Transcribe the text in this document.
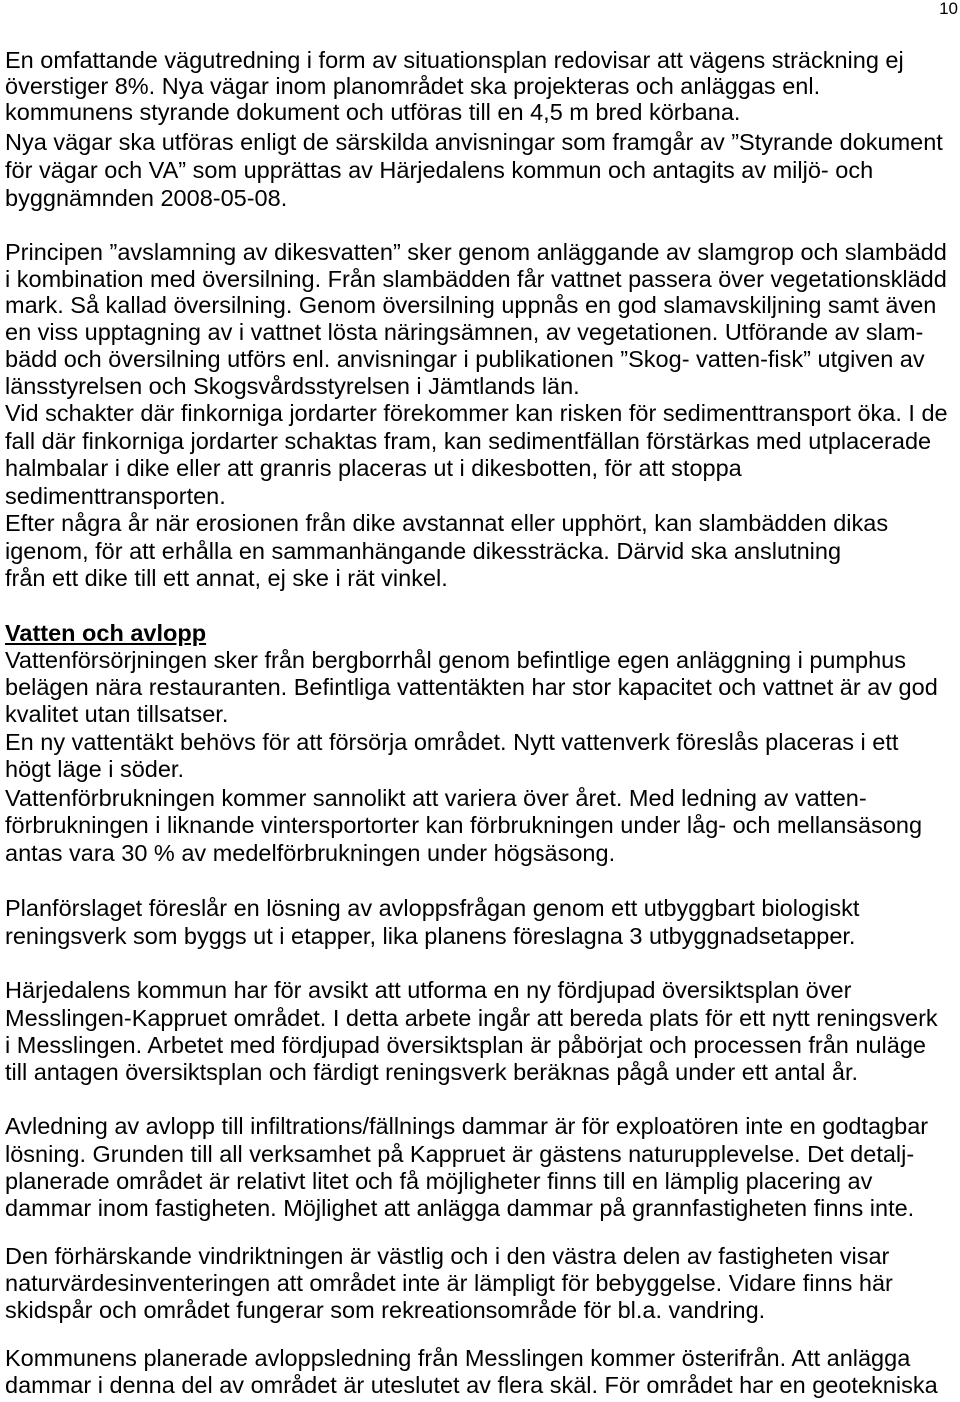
10
En omfattande vägutredning i form av situationsplan redovisar att vägens sträckning ej
överstiger 8%. Nya vägar inom planområdet ska projekteras och anläggas enl.
kommunens styrande dokument och utföras till en 4,5 m bred körbana.
Nya vägar ska utföras enligt de särskilda anvisningar som framgår av ”Styrande dokument
för vägar och VA” som upprättas av Härjedalens kommun och antagits av miljö- och
byggnämnden 2008-05-08.
Principen ”avslamning av dikesvatten” sker genom anläggande av slamgrop och slambädd
i kombination med översilning. Från slambädden får vattnet passera över vegetationsklädd
mark. Så kallad översilning. Genom översilning uppnås en god slamavskiljning samt även
en viss upptagning av i vattnet lösta näringsämnen, av vegetationen. Utförande av slam-
bädd och översilning utförs enl. anvisningar i publikationen ”Skog- vatten-fisk” utgiven av
länsstyrelsen och Skogsvårdsstyrelsen i Jämtlands län.
Vid schakter där finkorniga jordarter förekommer kan risken för sedimenttransport öka. I de
fall där finkorniga jordarter schaktas fram, kan sedimentfällan förstärkas med utplacerade
halmbalar i dike eller att granris placeras ut i dikesbotten, för att stoppa
sedimenttransporten.
Efter några år när erosionen från dike avstannat eller upphört, kan slambädden dikas
igenom, för att erhålla en sammanhängande dikessträcka. Därvid ska anslutning
från ett dike till ett annat, ej ske i rät vinkel.
Vatten och avlopp
Vattenförsörjningen sker från bergborrhål genom befintlige egen anläggning i pumphus
belägen nära restauranten. Befintliga vattentäkten har stor kapacitet och vattnet är av god
kvalitet utan tillsatser.
En ny vattentäkt behövs för att försörja området. Nytt vattenverk föreslås placeras i ett
högt läge i söder.
Vattenförbrukningen kommer sannolikt att variera över året. Med ledning av vatten-
förbrukningen i liknande vintersportorter kan förbrukningen under låg- och mellansäsong
antas vara 30 % av medelförbrukningen under högsäsong.
Planförslaget föreslår en lösning av avloppsfrågan genom ett utbyggbart biologiskt
reningsverk som byggs ut i etapper, lika planens föreslagna 3 utbyggnadsetapper.
Härjedalens kommun har för avsikt att utforma en ny fördjupad översiktsplan över
Messlingen-Kappruet området. I detta arbete ingår att bereda plats för ett nytt reningsverk
i Messlingen. Arbetet med fördjupad översiktsplan är påbörjat och processen från nuläge
till antagen översiktsplan och färdigt reningsverk beräknas pågå under ett antal år.
Avledning av avlopp till infiltrations/fällnings dammar är för exploatören inte en godtagbar
lösning. Grunden till all verksamhet på Kappruet är gästens naturupplevelse. Det detalj-
planerade området är relativt litet och få möjligheter finns till en lämplig placering av
dammar inom fastigheten. Möjlighet att anlägga dammar på grannfastigheten finns inte.
Den förhärskande vindriktningen är västlig och i den västra delen av fastigheten visar
naturvärdesinventeringen att området inte är lämpligt för bebyggelse. Vidare finns här
skidspår och området fungerar som rekreationsområde för bl.a. vandring.
Kommunens planerade avloppsledning från Messlingen kommer österifrån. Att anlägga
dammar i denna del av området är uteslutet av flera skäl. För området har en geotekniska
